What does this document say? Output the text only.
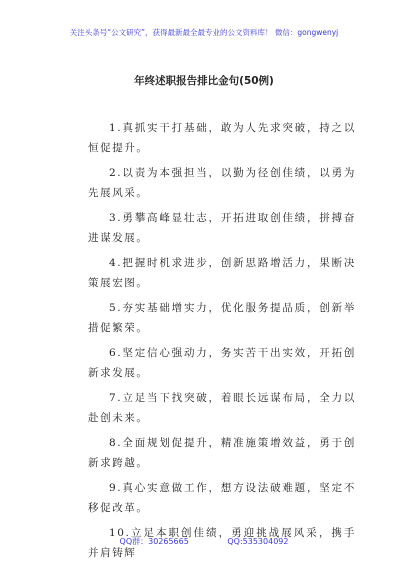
关注头条号“公文研究”，获得最新最全最专业的公文资料库！ 微信：gongwenyj
年终述职报告排比金句(50例)
1.真抓实干打基础，敢为人先求突破，持之以恒促提升。
2.以责为本强担当，以勤为径创佳绩，以勇为先展风采。
3.勇攀高峰显壮志，开拓进取创佳绩，拼搏奋进谋发展。
4.把握时机求进步，创新思路增活力，果断决策展宏图。
5.夯实基础增实力，优化服务提品质，创新举措促繁荣。
6.坚定信心强动力，务实苦干出实效，开拓创新求发展。
7.立足当下找突破，着眼长远谋布局，全力以赴创未来。
8.全面规划促提升，精准施策增效益，勇于创新求跨越。
9.真心实意做工作，想方设法破难题，坚定不移促改革。
10.立足本职创佳绩，勇迎挑战展风采，携手并肩铸辉
QQ群：30265665	QQ:535304092
